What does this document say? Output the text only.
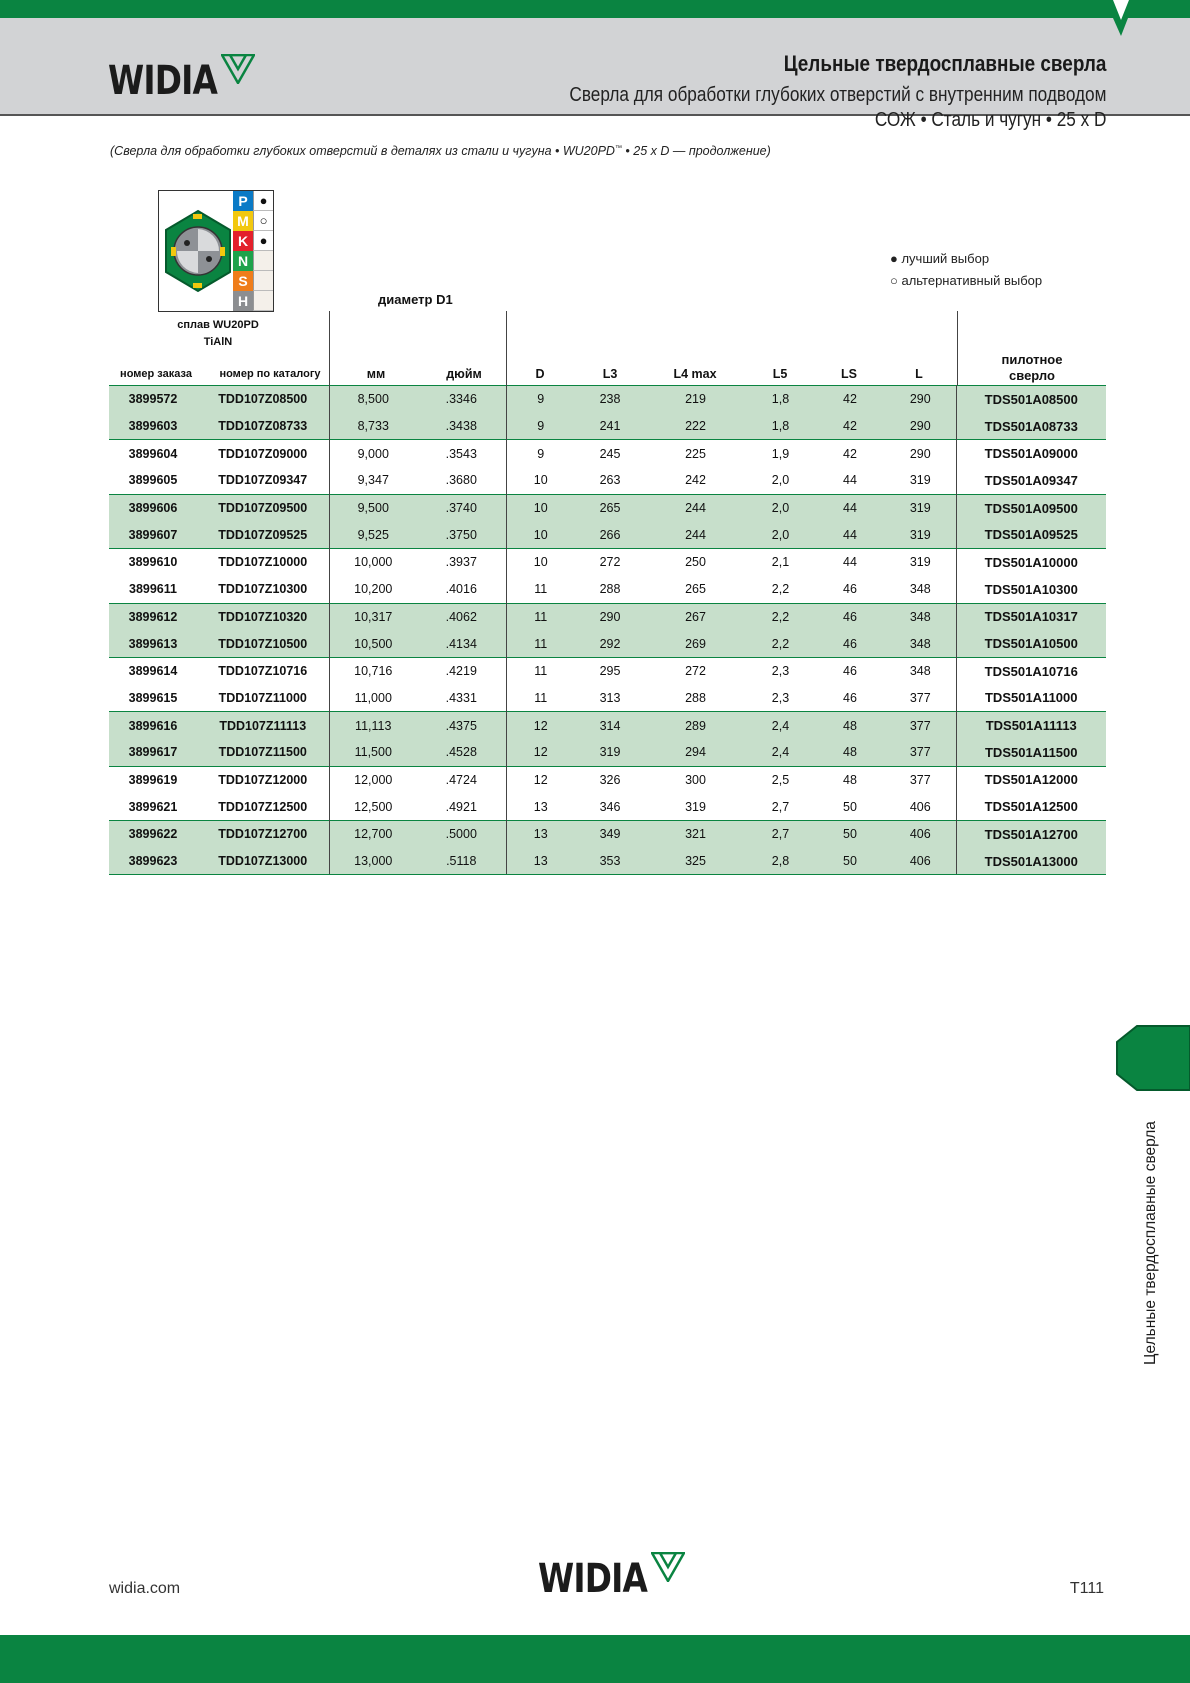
WIDIA	Цельные твердосплавные сверла
Сверла для обработки глубоких отверстий с внутренним подводом
СОЖ • Сталь и чугун • 25 x D
(Сверла для обработки глубоких отверстий в деталях из стали и чугуна • WU20PD™ • 25 x D — продолжение)
P ●
M ○
K ●
N
S
H
● лучший выбор
○ альтернативный выбор
диаметр D1
сплав WU20PD
TiAlN
номер заказа	номер по каталогу	мм	дюйм	D	L3	L4 max	L5	LS	L
пилотное
сверло
3899572	TDD107Z08500	8,500	.3346	9	238	219	1,8	42	290	TDS501A08500
3899603	TDD107Z08733	8,733	.3438	9	241	222	1,8	42	290	TDS501A08733
3899604	TDD107Z09000	9,000	.3543	9	245	225	1,9	42	290	TDS501A09000
3899605	TDD107Z09347	9,347	.3680	10	263	242	2,0	44	319	TDS501A09347
3899606	TDD107Z09500	9,500	.3740	10	265	244	2,0	44	319	TDS501A09500
3899607	TDD107Z09525	9,525	.3750	10	266	244	2,0	44	319	TDS501A09525
3899610	TDD107Z10000	10,000	.3937	10	272	250	2,1	44	319	TDS501A10000
3899611	TDD107Z10300	10,200	.4016	11	288	265	2,2	46	348	TDS501A10300
3899612	TDD107Z10320	10,317	.4062	11	290	267	2,2	46	348	TDS501A10317
3899613	TDD107Z10500	10,500	.4134	11	292	269	2,2	46	348	TDS501A10500
3899614	TDD107Z10716	10,716	.4219	11	295	272	2,3	46	348	TDS501A10716
3899615	TDD107Z11000	11,000	.4331	11	313	288	2,3	46	377	TDS501A11000
3899616	TDD107Z11113	11,113	.4375	12	314	289	2,4	48	377	TDS501A11113
3899617	TDD107Z11500	11,500	.4528	12	319	294	2,4	48	377	TDS501A11500
3899619	TDD107Z12000	12,000	.4724	12	326	300	2,5	48	377	TDS501A12000
3899621	TDD107Z12500	12,500	.4921	13	346	319	2,7	50	406	TDS501A12500
3899622	TDD107Z12700	12,700	.5000	13	349	321	2,7	50	406	TDS501A12700
3899623	TDD107Z13000	13,000	.5118	13	353	325	2,8	50	406	TDS501A13000
Цельные твердосплавные сверла
widia.com	WIDIA	T111
